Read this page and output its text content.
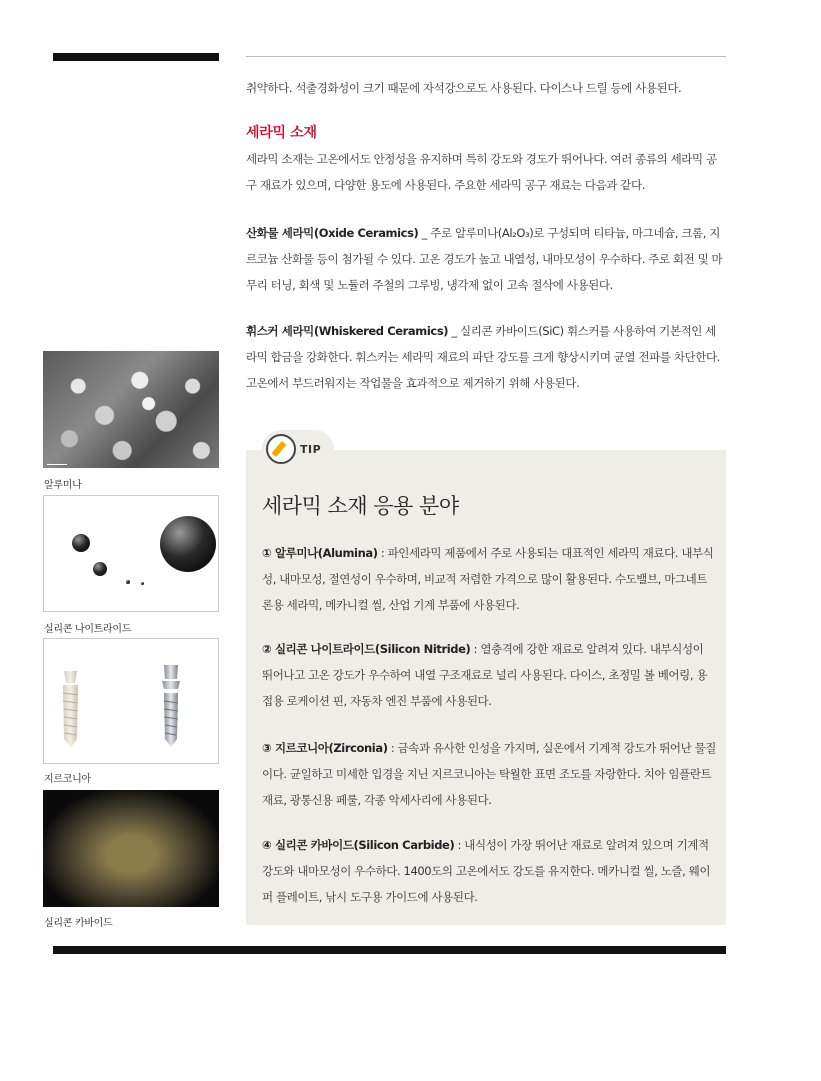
취약하다. 석출경화성이 크기 때문에 자석강으로도 사용된다. 다이스나 드릴 등에 사용된다.

세라믹 소재

세라믹 소재는 고온에서도 안정성을 유지하며 특히 강도와 경도가 뛰어나다. 여러 종류의 세라믹 공구 재료가 있으며, 다양한 용도에 사용된다. 주요한 세라믹 공구 재료는 다음과 같다.

산화물 세라믹(Oxide Ceramics) _ 주로 알루미나(Al₂O₃)로 구성되며 티타늄, 마그네슘, 크롬, 지르코늄 산화물 등이 첨가될 수 있다. 고온 경도가 높고 내열성, 내마모성이 우수하다. 주로 회전 및 마무리 터닝, 회색 및 노듈러 주철의 그루빙, 냉각제 없이 고속 절삭에 사용된다.

휘스커 세라믹(Whiskered Ceramics) _ 실리콘 카바이드(SiC) 휘스커를 사용하여 기본적인 세라믹 합금을 강화한다. 휘스커는 세라믹 재료의 파단 강도를 크게 향상시키며 균열 전파를 차단한다. 고온에서 부드러워지는 작업물을 효과적으로 제거하기 위해 사용된다.

알루미나
실리콘 나이트라이드
지르코니아
실리콘 카바이드
TIP
세라믹 소재 응용 분야

① 알루미나(Alumina) : 파인세라믹 제품에서 주로 사용되는 대표적인 세라믹 재료다. 내부식성, 내마모성, 절연성이 우수하며, 비교적 저렴한 가격으로 많이 활용된다. 수도밸브, 마그네트론용 세라믹, 메카니컬 씰, 산업 기계 부품에 사용된다.

② 실리콘 나이트라이드(Silicon Nitride) : 열충격에 강한 재료로 알려져 있다. 내부식성이 뛰어나고 고온 강도가 우수하여 내열 구조재료로 널리 사용된다. 다이스, 초정밀 볼 베어링, 용접용 로케이션 핀, 자동차 엔진 부품에 사용된다.

③ 지르코니아(Zirconia) : 금속과 유사한 인성을 가지며, 실온에서 기계적 강도가 뛰어난 물질이다. 균일하고 미세한 입경을 지닌 지르코니아는 탁월한 표면 조도를 자랑한다. 치아 임플란트 재료, 광통신용 페룰, 각종 악세사리에 사용된다.

④ 실리콘 카바이드(Silicon Carbide) : 내식성이 가장 뛰어난 재료로 알려져 있으며 기계적 강도와 내마모성이 우수하다. 1400도의 고온에서도 강도를 유지한다. 메카니컬 씰, 노즐, 웨이퍼 플레이트, 낚시 도구용 가이드에 사용된다.
